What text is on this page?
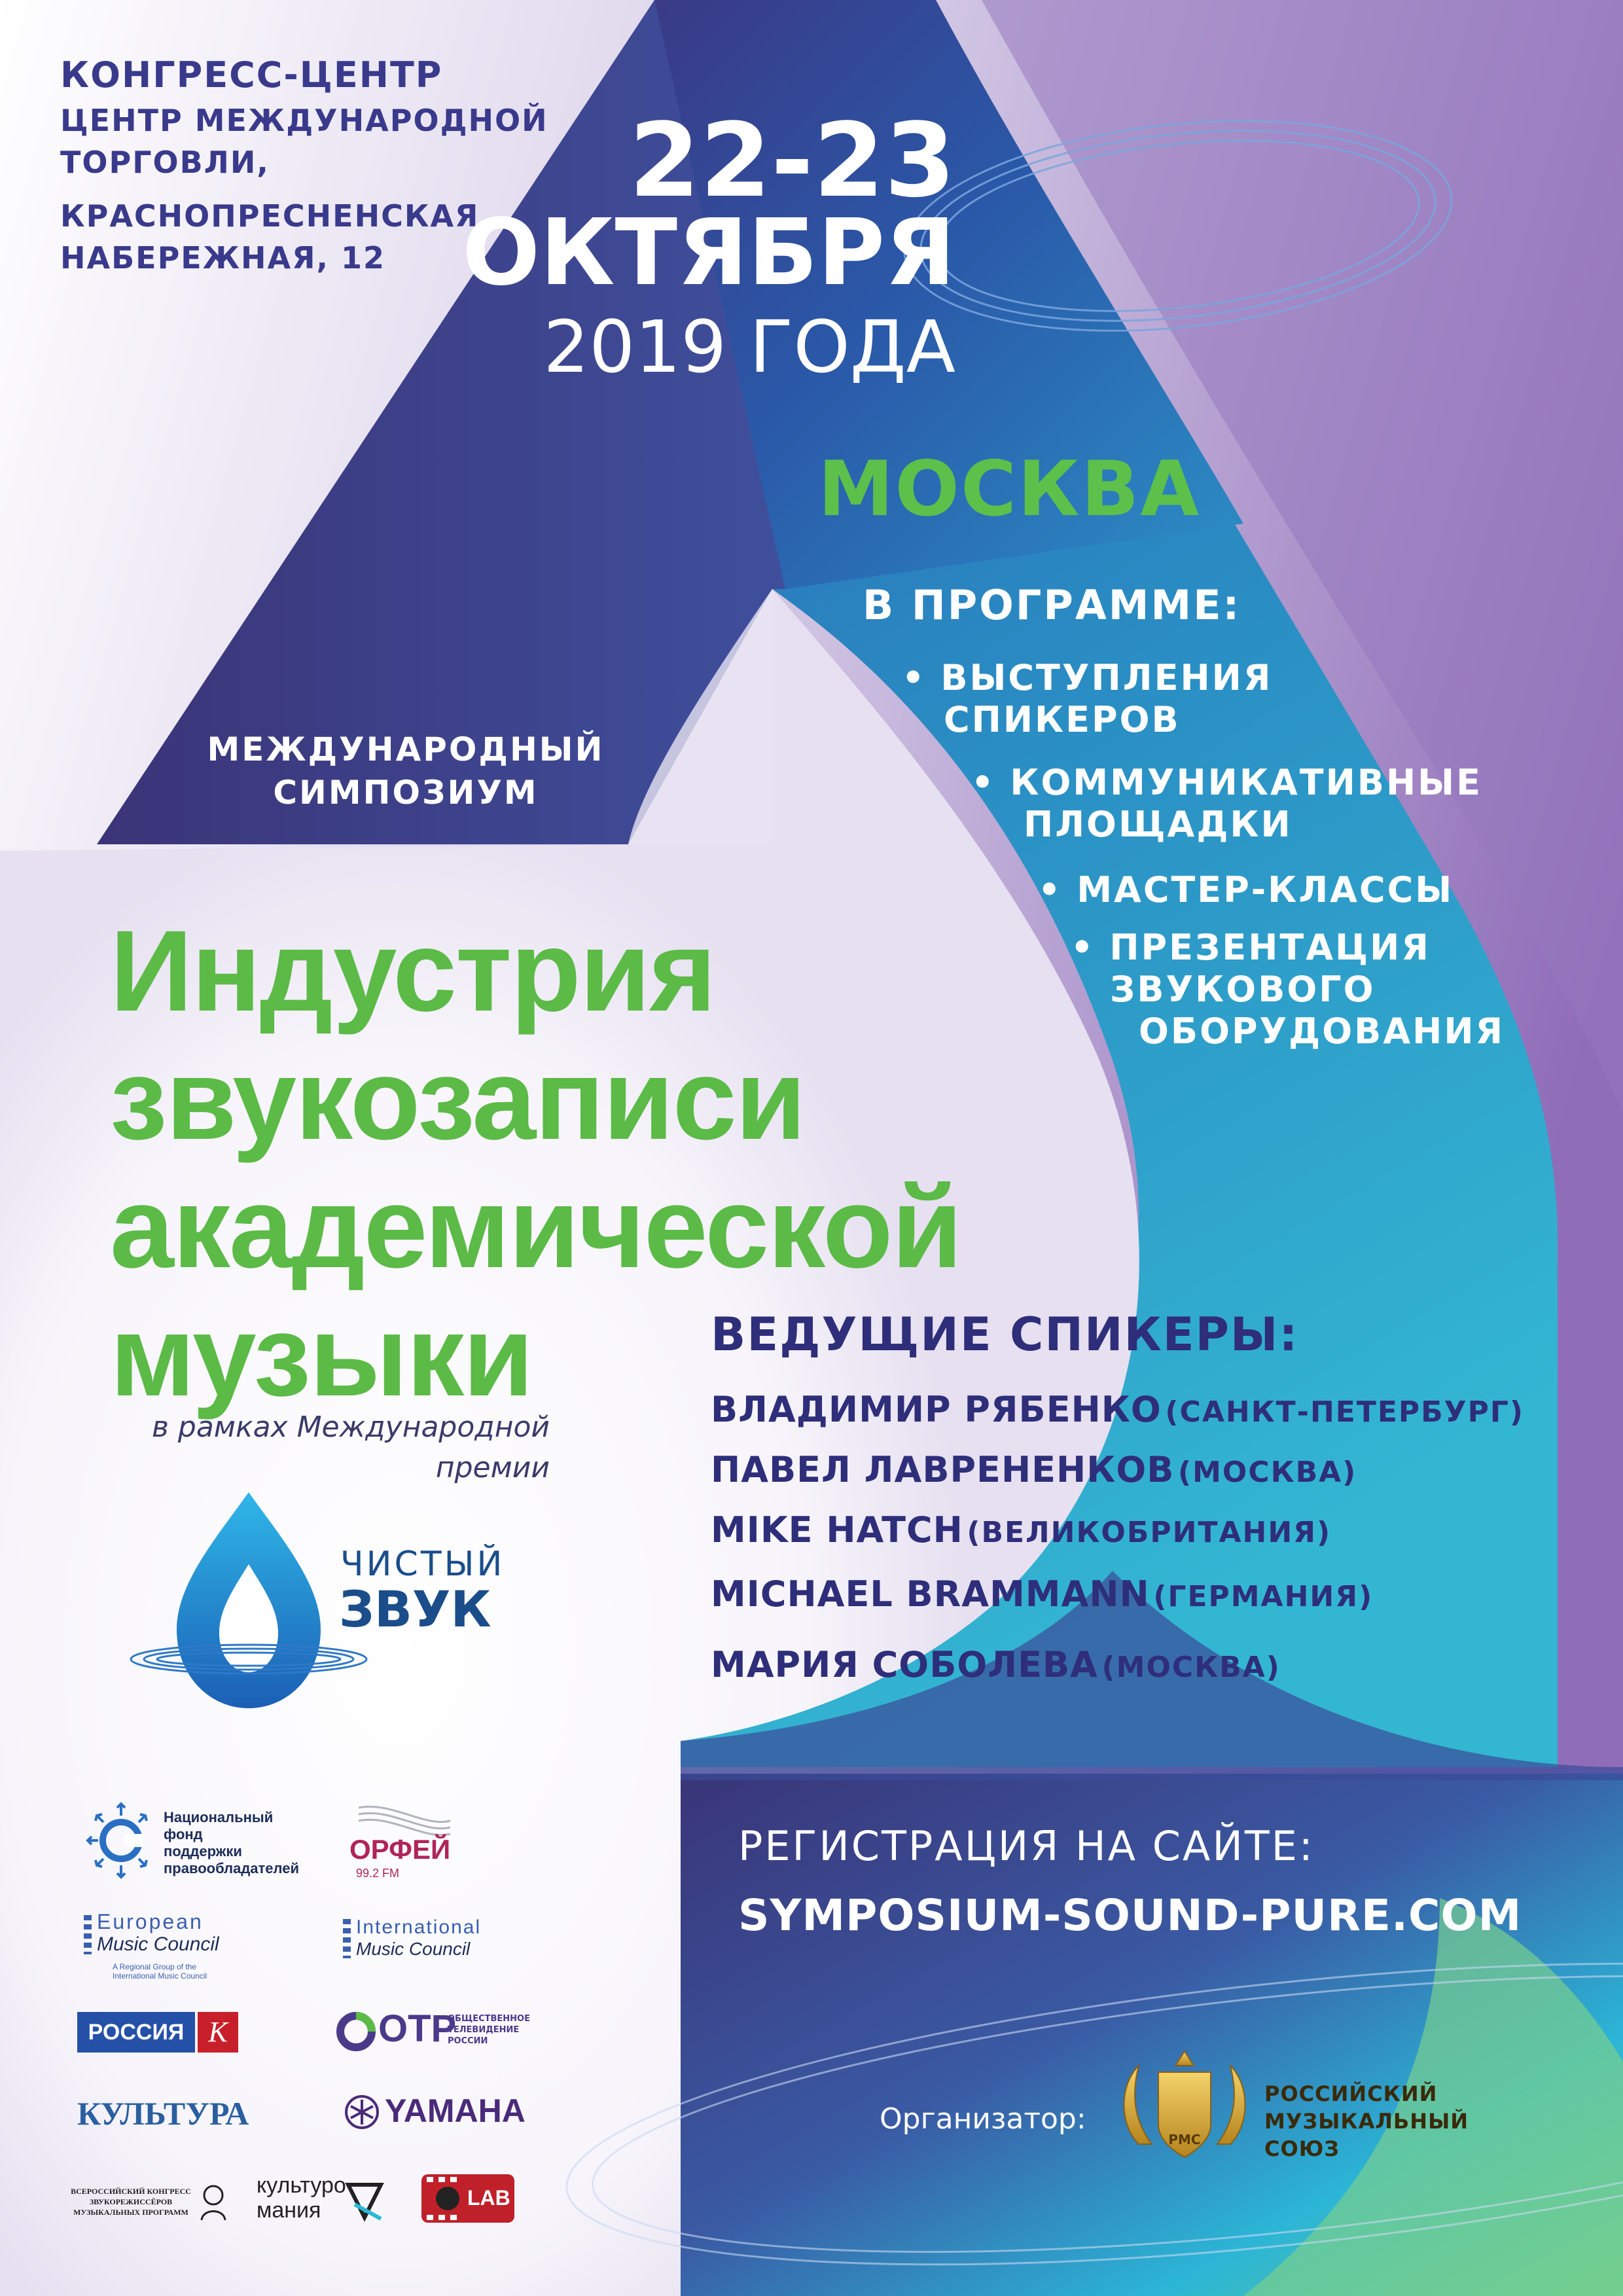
КОНГРЕСС-ЦЕНТР
ЦЕНТР МЕЖДУНАРОДНОЙ
ТОРГОВЛИ,
КРАСНОПРЕСНЕНСКАЯ
НАБЕРЕЖНАЯ, 12
22-23
ОКТЯБРЯ
2019 ГОДА
МОСКВА
В ПРОГРАММЕ:
• ВЫСТУПЛЕНИЯ
СПИКЕРОВ
• КОММУНИКАТИВНЫЕ
ПЛОЩАДКИ
• МАСТЕР-КЛАССЫ
• ПРЕЗЕНТАЦИЯ
ЗВУКОВОГО
ОБОРУДОВАНИЯ
МЕЖДУНАРОДНЫЙ
СИМПОЗИУМ
Индустрия
звукозаписи
академической
музыки	ВЕДУЩИЕ СПИКЕРЫ:
ВЛАДИМИР РЯБЕНКО (САНКТ-ПЕТЕРБУРГ)
ПАВЕЛ ЛАВРЕНЕНКОВ (МОСКВА)
MIKE HATCH (ВЕЛИКОБРИТАНИЯ)
MICHAEL BRAMMANN (ГЕРМАНИЯ)
МАРИЯ СОБОЛЕВА (МОСКВА)
в рамках Международной
премии
ЧИСТЫЙ
ЗВУК
РЕГИСТРАЦИЯ НА САЙТЕ:
SYMPOSIUM-SOUND-PURE.COM
Организатор:
РМС
РОССИЙСКИЙ
МУЗЫКАЛЬНЫЙ
СОЮЗ
Национальный
фонд
поддержки
правообладателей
ОРФЕЙ
99.2 FM
European
Music Council
A Regional Group of the
International Music Council
International
Music Council
РОССИЯ К	ОТР
ОБЩЕСТВЕННОЕ
ТЕЛЕВИДЕНИЕ
РОССИИ
КУЛЬТУРА	YAMAHA
ВСЕРОССИЙСКИЙ КОНГРЕСС
ЗВУКОРЕЖИССЁРОВ
МУЗЫКАЛЬНЫХ ПРОГРАММ
культуро
мания	LAB
